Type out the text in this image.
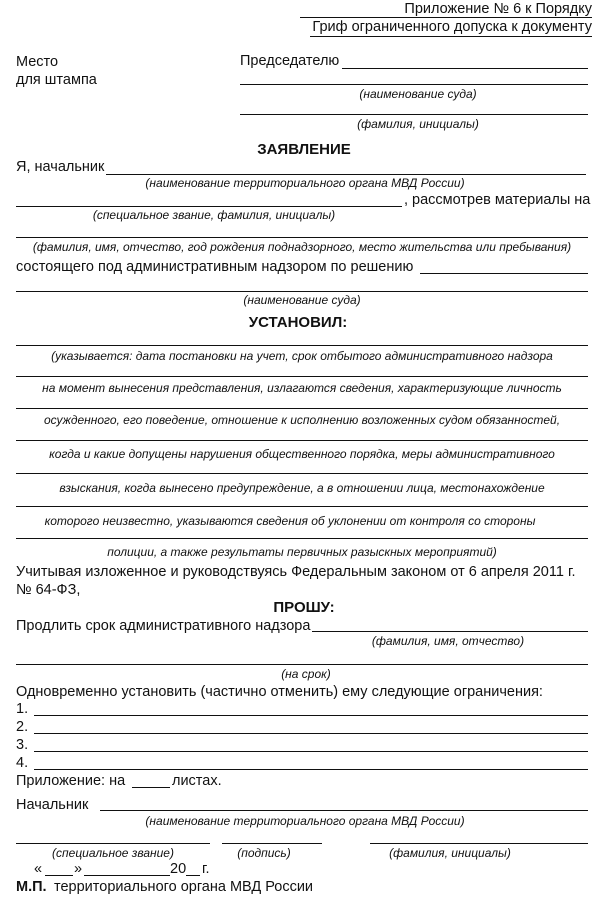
Приложение № 6 к Порядку
Гриф ограниченного допуска к документу
Место
для штампа
Председателю
(наименование суда)
(фамилия, инициалы)
ЗАЯВЛЕНИЕ
Я, начальник
(наименование территориального органа МВД России)
, рассмотрев материалы на
(специальное звание, фамилия, инициалы)
(фамилия, имя, отчество, год рождения поднадзорного, место жительства или пребывания)
состоящего под административным надзором по решению
(наименование суда)
УСТАНОВИЛ:
(указывается: дата постановки на учет, срок отбытого административного надзора
на момент вынесения представления, излагаются сведения, характеризующие личность
осужденного, его поведение, отношение к исполнению возложенных судом обязанностей,
когда и какие допущены нарушения общественного порядка, меры административного
взыскания, когда вынесено предупреждение, а в отношении лица, местонахождение
которого неизвестно, указываются сведения об уклонении от контроля со стороны
полиции, а также результаты первичных разыскных мероприятий)
Учитывая изложенное и руководствуясь Федеральным законом от 6 апреля 2011 г.
№ 64-ФЗ,
ПРОШУ:
Продлить срок административного надзора
(фамилия, имя, отчество)
(на срок)
Одновременно установить (частично отменить) ему следующие ограничения:
1.
2.
3.
4.
Приложение: на	листах.
Начальник
(наименование территориального органа МВД России)
(специальное звание)	(подпись)	(фамилия, инициалы)
« »	20 г.
М.П. территориального органа МВД России
